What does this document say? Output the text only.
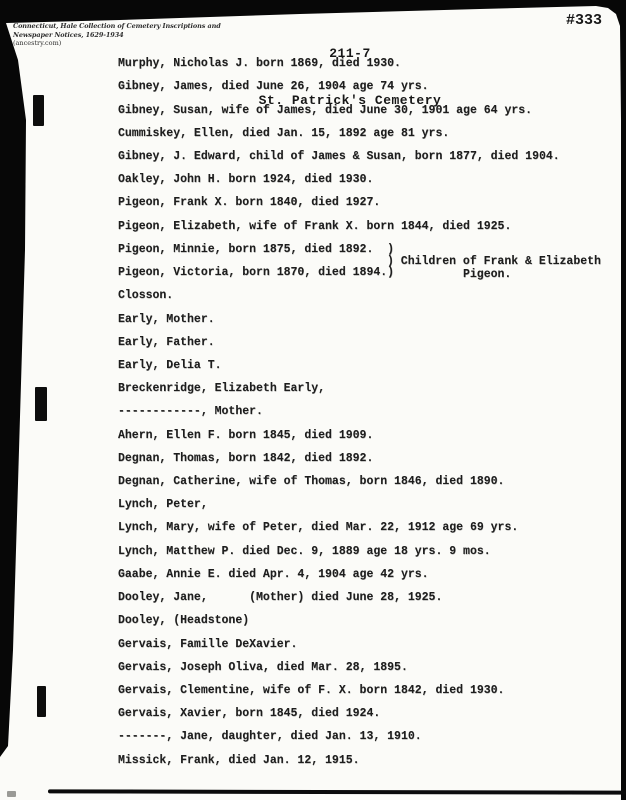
Connecticut, Hale Collection of Cemetery Inscriptions and Newspaper Notices, 1629-1934
(ancestry.com)

211-7

St. Patrick's Cemetery

#333
Murphy, Nicholas J. born 1869, died 1930.
Gibney, James, died June 26, 1904 age 74 yrs.
Gibney, Susan, wife of James, died June 30, 1901 age 64 yrs.
Cummiskey, Ellen, died Jan. 15, 1892 age 81 yrs.
Gibney, J. Edward, child of James & Susan, born 1877, died 1904.
Oakley, John H. born 1924, died 1930.
Pigeon, Frank X. born 1840, died 1927.
Pigeon, Elizabeth, wife of Frank X. born 1844, died 1925.
Pigeon, Minnie, born 1875, died 1892.  )
Pigeon, Victoria, born 1870, died 1894.)
Closson.
Early, Mother.
Early, Father.
Early, Delia T.
Breckenridge, Elizabeth Early,
------------, Mother.
Ahern, Ellen F. born 1845, died 1909.
Degnan, Thomas, born 1842, died 1892.
Degnan, Catherine, wife of Thomas, born 1846, died 1890.
Lynch, Peter,
Lynch, Mary, wife of Peter, died Mar. 22, 1912 age 69 yrs.
Lynch, Matthew P. died Dec. 9, 1889 age 18 yrs. 9 mos.
Gaabe, Annie E. died Apr. 4, 1904 age 42 yrs.
Dooley, Jane,      (Mother) died June 28, 1925.
Dooley, (Headstone)
Gervais, Famille DeXavier.
Gervais, Joseph Oliva, died Mar. 28, 1895.
Gervais, Clementine, wife of F. X. born 1842, died 1930.
Gervais, Xavier, born 1845, died 1924.
-------, Jane, daughter, died Jan. 13, 1910.
Missick, Frank, died Jan. 12, 1915.
) Children of Frank & Elizabeth
Pigeon.
